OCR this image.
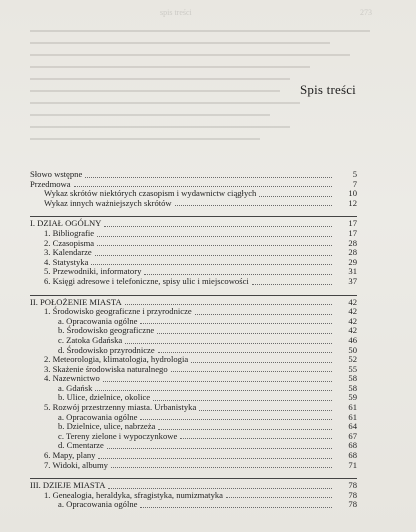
spis treści	273
Spis treści
Słowo wstępne	5
Przedmowa	7
Wykaz skrótów niektórych czasopism i wydawnictw ciągłych	10
Wykaz innych ważniejszych skrótów	12
I. DZIAŁ OGÓLNY	17
1. Bibliografie	17
2. Czasopisma	28
3. Kalendarze	28
4. Statystyka	29
5. Przewodniki, informatory	31
6. Księgi adresowe i telefoniczne, spisy ulic i miejscowości	37
II. POŁOŻENIE MIASTA	42
1. Środowisko geograficzne i przyrodnicze	42
a. Opracowania ogólne	42
b. Środowisko geograficzne	42
c. Zatoka Gdańska	46
d. Środowisko przyrodnicze	50
2. Meteorologia, klimatologia, hydrologia	52
3. Skażenie środowiska naturalnego	55
4. Nazewnictwo	58
a. Gdańsk	58
b. Ulice, dzielnice, okolice	59
5. Rozwój przestrzenny miasta. Urbanistyka	61
a. Opracowania ogólne	61
b. Dzielnice, ulice, nabrzeża	64
c. Tereny zielone i wypoczynkowe	67
d. Cmentarze	68
6. Mapy, plany	68
7. Widoki, albumy	71
III. DZIEJE MIASTA	78
1. Genealogia, heraldyka, sfragistyka, numizmatyka	78
a. Opracowania ogólne	78
